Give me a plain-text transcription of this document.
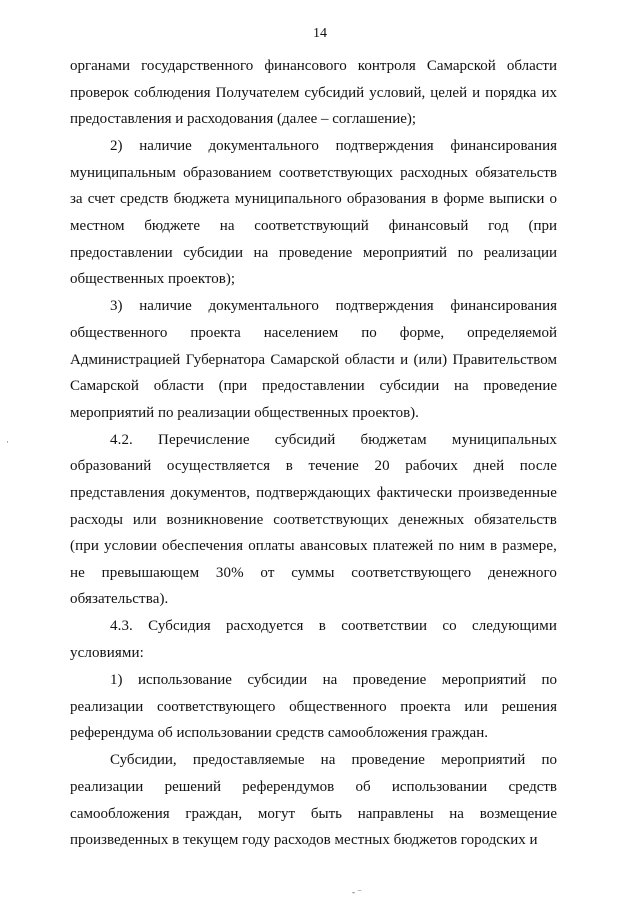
14

органами государственного финансового контроля Самарской области проверок соблюдения Получателем субсидий условий, целей и порядка их предоставления и расходования (далее – соглашение);

2) наличие документального подтверждения финансирования муниципальным образованием соответствующих расходных обязательств за счет средств бюджета муниципального образования в форме выписки о местном бюджете на соответствующий финансовый год (при предоставлении субсидии на проведение мероприятий по реализации общественных проектов);

3) наличие документального подтверждения финансирования общественного проекта населением по форме, определяемой Администрацией Губернатора Самарской области и (или) Правительством Самарской области (при предоставлении субсидии на проведение мероприятий по реализации общественных проектов).

4.2. Перечисление субсидий бюджетам муниципальных образований осуществляется в течение 20 рабочих дней после представления документов, подтверждающих фактически произведенные расходы или возникновение соответствующих денежных обязательств (при условии обеспечения оплаты авансовых платежей по ним в размере, не превышающем 30% от суммы соответствующего денежного обязательства).

4.3. Субсидия расходуется в соответствии со следующими условиями:

1) использование субсидии на проведение мероприятий по реализации соответствующего общественного проекта или решения референдума об использовании средств самообложения граждан.

Субсидии, предоставляемые на проведение мероприятий по реализации решений референдумов об использовании средств самообложения граждан, могут быть направлены на возмещение произведенных в текущем году расходов местных бюджетов городских и

·
‑ ⁻
